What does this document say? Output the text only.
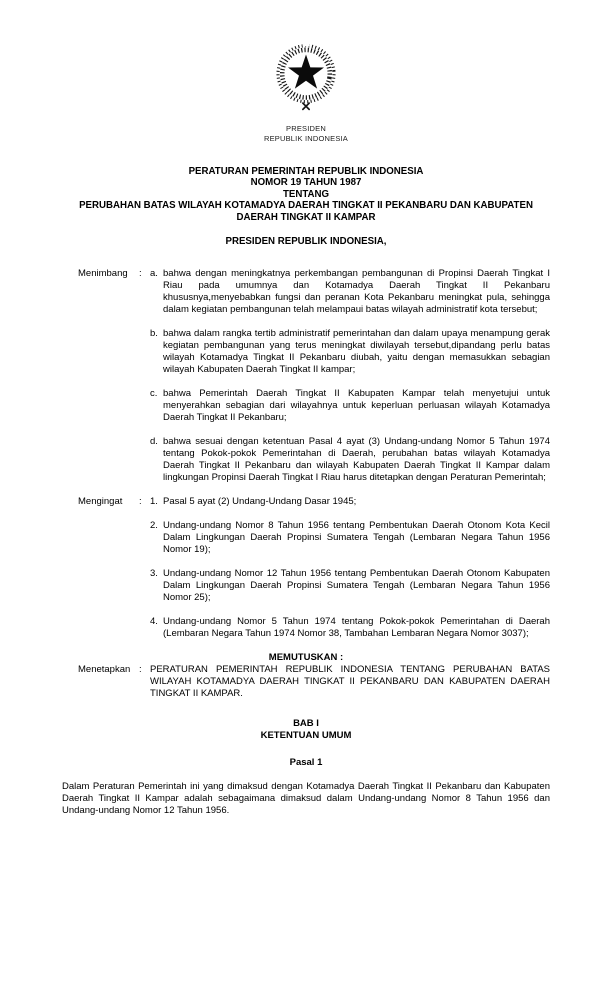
PRESIDEN
REPUBLIK INDONESIA
PERATURAN PEMERINTAH REPUBLIK INDONESIA
NOMOR 19 TAHUN 1987
TENTANG
PERUBAHAN BATAS WILAYAH KOTAMADYA DAERAH TINGKAT II PEKANBARU DAN KABUPATEN DAERAH TINGKAT II KAMPAR
PRESIDEN REPUBLIK INDONESIA,
Menimbang	: a. bahwa dengan meningkatnya perkembangan pembangunan di Propinsi Daerah Tingkat I Riau pada umumnya dan Kotamadya Daerah Tingkat II Pekanbaru khususnya,menyebabkan fungsi dan peranan Kota Pekanbaru meningkat pula, sehingga dalam kegiatan pembangunan telah melampaui batas wilayah administratif kota tersebut;
b. bahwa dalam rangka tertib administratif pemerintahan dan dalam upaya menampung gerak kegiatan pembangunan yang terus meningkat diwilayah tersebut,dipandang perlu batas wilayah Kotamadya Tingkat II Pekanbaru diubah, yaitu dengan memasukkan sebagian wilayah Kabupaten Daerah Tingkat II kampar;
c. bahwa Pemerintah Daerah Tingkat II Kabupaten Kampar telah menyetujui untuk menyerahkan sebagian dari wilayahnya untuk keperluan perluasan wilayah Kotamadya Daerah Tingkat II Pekanbaru;
d. bahwa sesuai dengan ketentuan Pasal 4 ayat (3) Undang-undang Nomor 5 Tahun 1974 tentang Pokok-pokok Pemerintahan di Daerah, perubahan batas wilayah Kotamadya Daerah Tingkat II Pekanbaru dan wilayah Kabupaten Daerah Tingkat II Kampar dalam lingkungan Propinsi Daerah Tingkat I Riau harus ditetapkan dengan Peraturan Pemerintah;
Mengingat	: 1. Pasal 5 ayat (2) Undang-Undang Dasar 1945;
2. Undang-undang Nomor 8 Tahun 1956 tentang Pembentukan Daerah Otonom Kota Kecil Dalam Lingkungan Daerah Propinsi Sumatera Tengah (Lembaran Negara Tahun 1956 Nomor 19);
3. Undang-undang Nomor 12 Tahun 1956 tentang Pembentukan Daerah Otonom Kabupaten Dalam Lingkungan Daerah Propinsi Sumatera Tengah (Lembaran Negara Tahun 1956 Nomor 25);
4. Undang-undang Nomor 5 Tahun 1974 tentang Pokok-pokok Pemerintahan di Daerah (Lembaran Negara Tahun 1974 Nomor 38, Tambahan Lembaran Negara Nomor 3037);
MEMUTUSKAN :
Menetapkan : PERATURAN PEMERINTAH REPUBLIK INDONESIA TENTANG PERUBAHAN BATAS WILAYAH KOTAMADYA DAERAH TINGKAT II PEKANBARU DAN KABUPATEN DAERAH TINGKAT II KAMPAR.
BAB I
KETENTUAN UMUM
Pasal 1
Dalam Peraturan Pemerintah ini yang dimaksud dengan Kotamadya Daerah Tingkat II Pekanbaru dan Kabupaten Daerah Tingkat II Kampar adalah sebagaimana dimaksud dalam Undang-undang Nomor 8 Tahun 1956 dan Undang-undang Nomor 12 Tahun 1956.
